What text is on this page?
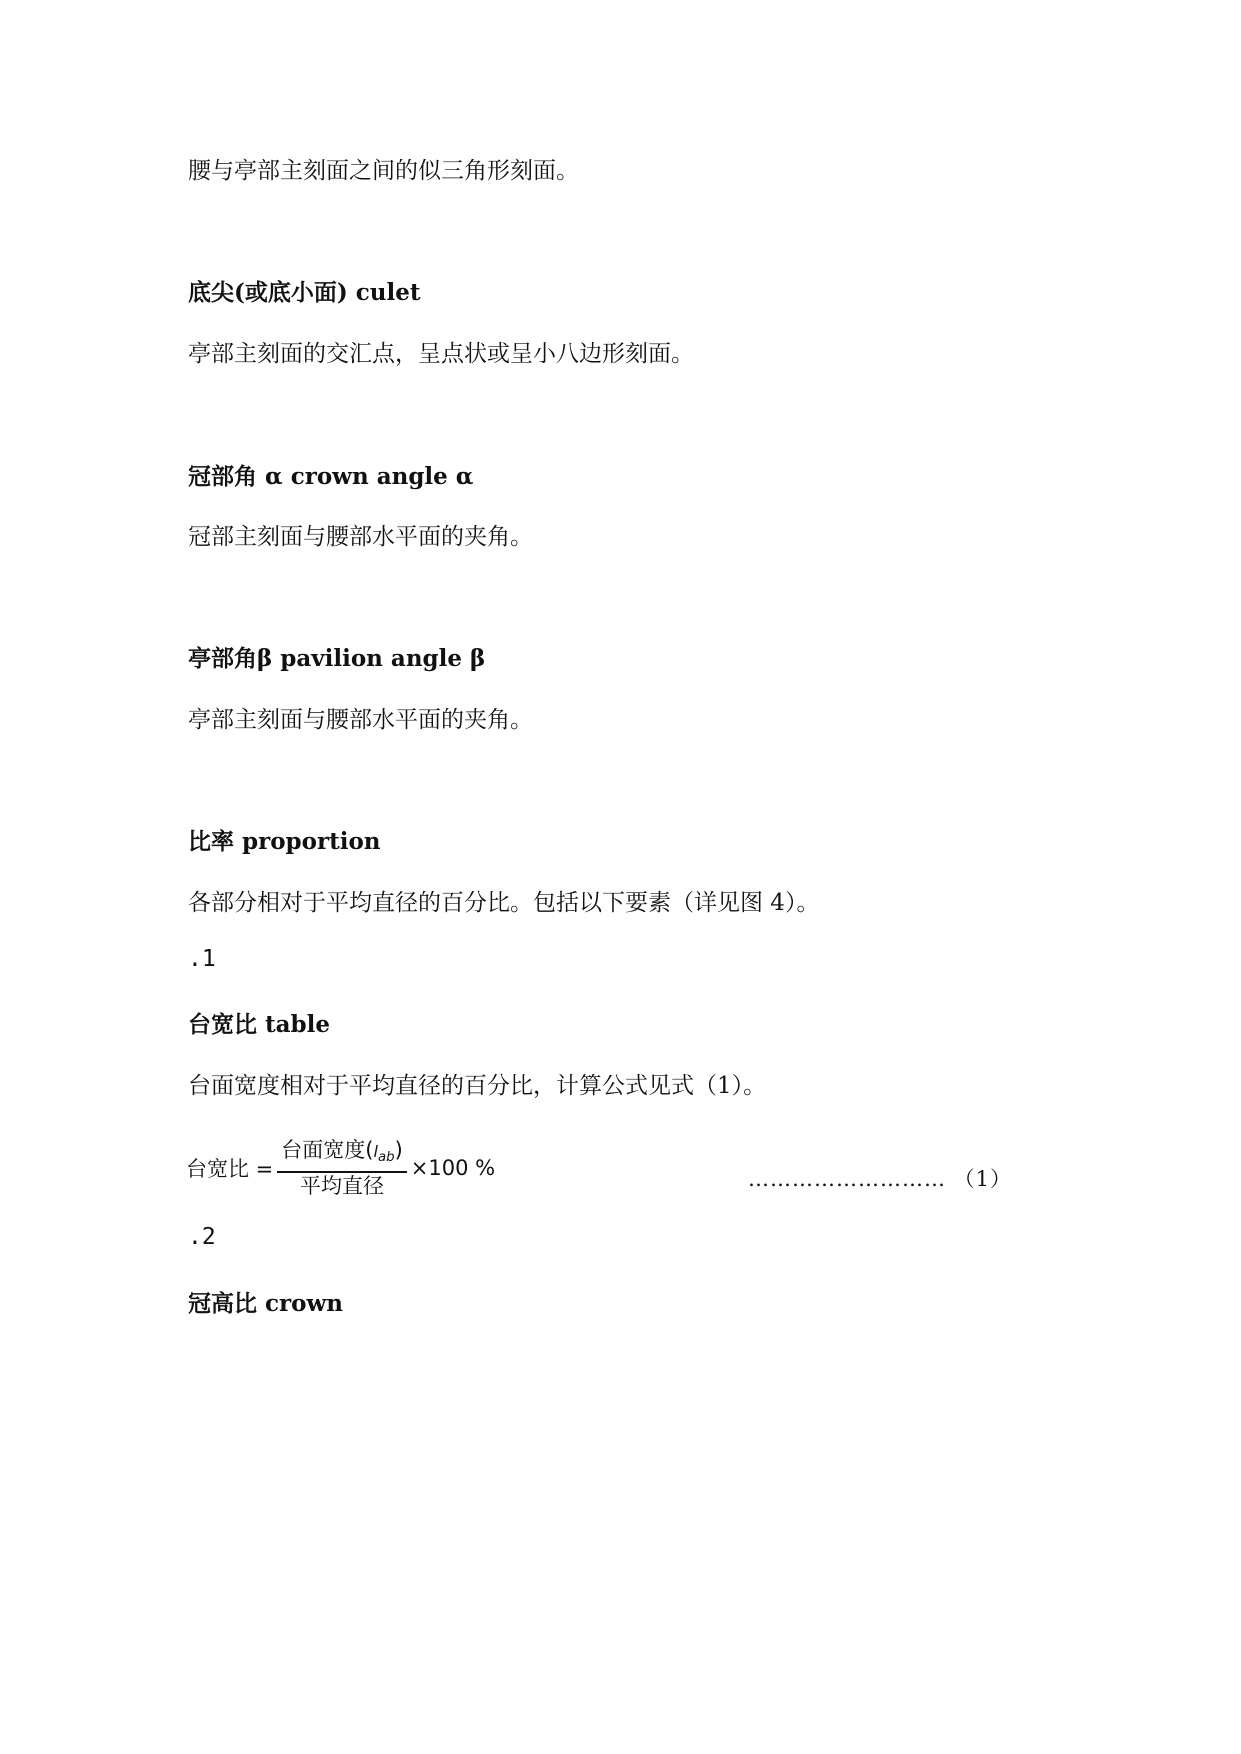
腰与亭部主刻面之间的似三角形刻面。
底尖(或底小面) culet
亭部主刻面的交汇点，呈点状或呈小八边形刻面。
冠部角 α crown angle α
冠部主刻面与腰部水平面的夹角。
亭部角β pavilion angle β
亭部主刻面与腰部水平面的夹角。
比率 proportion
各部分相对于平均直径的百分比。包括以下要素（详见图 4）。
.1
台宽比 table
台面宽度相对于平均直径的百分比，计算公式见式（1）。
台宽比 = $\frac{台面宽度(l_{ab})}{\text{平均直径}} \times 100$ %	……………………… （1）
.2
冠高比 crown
